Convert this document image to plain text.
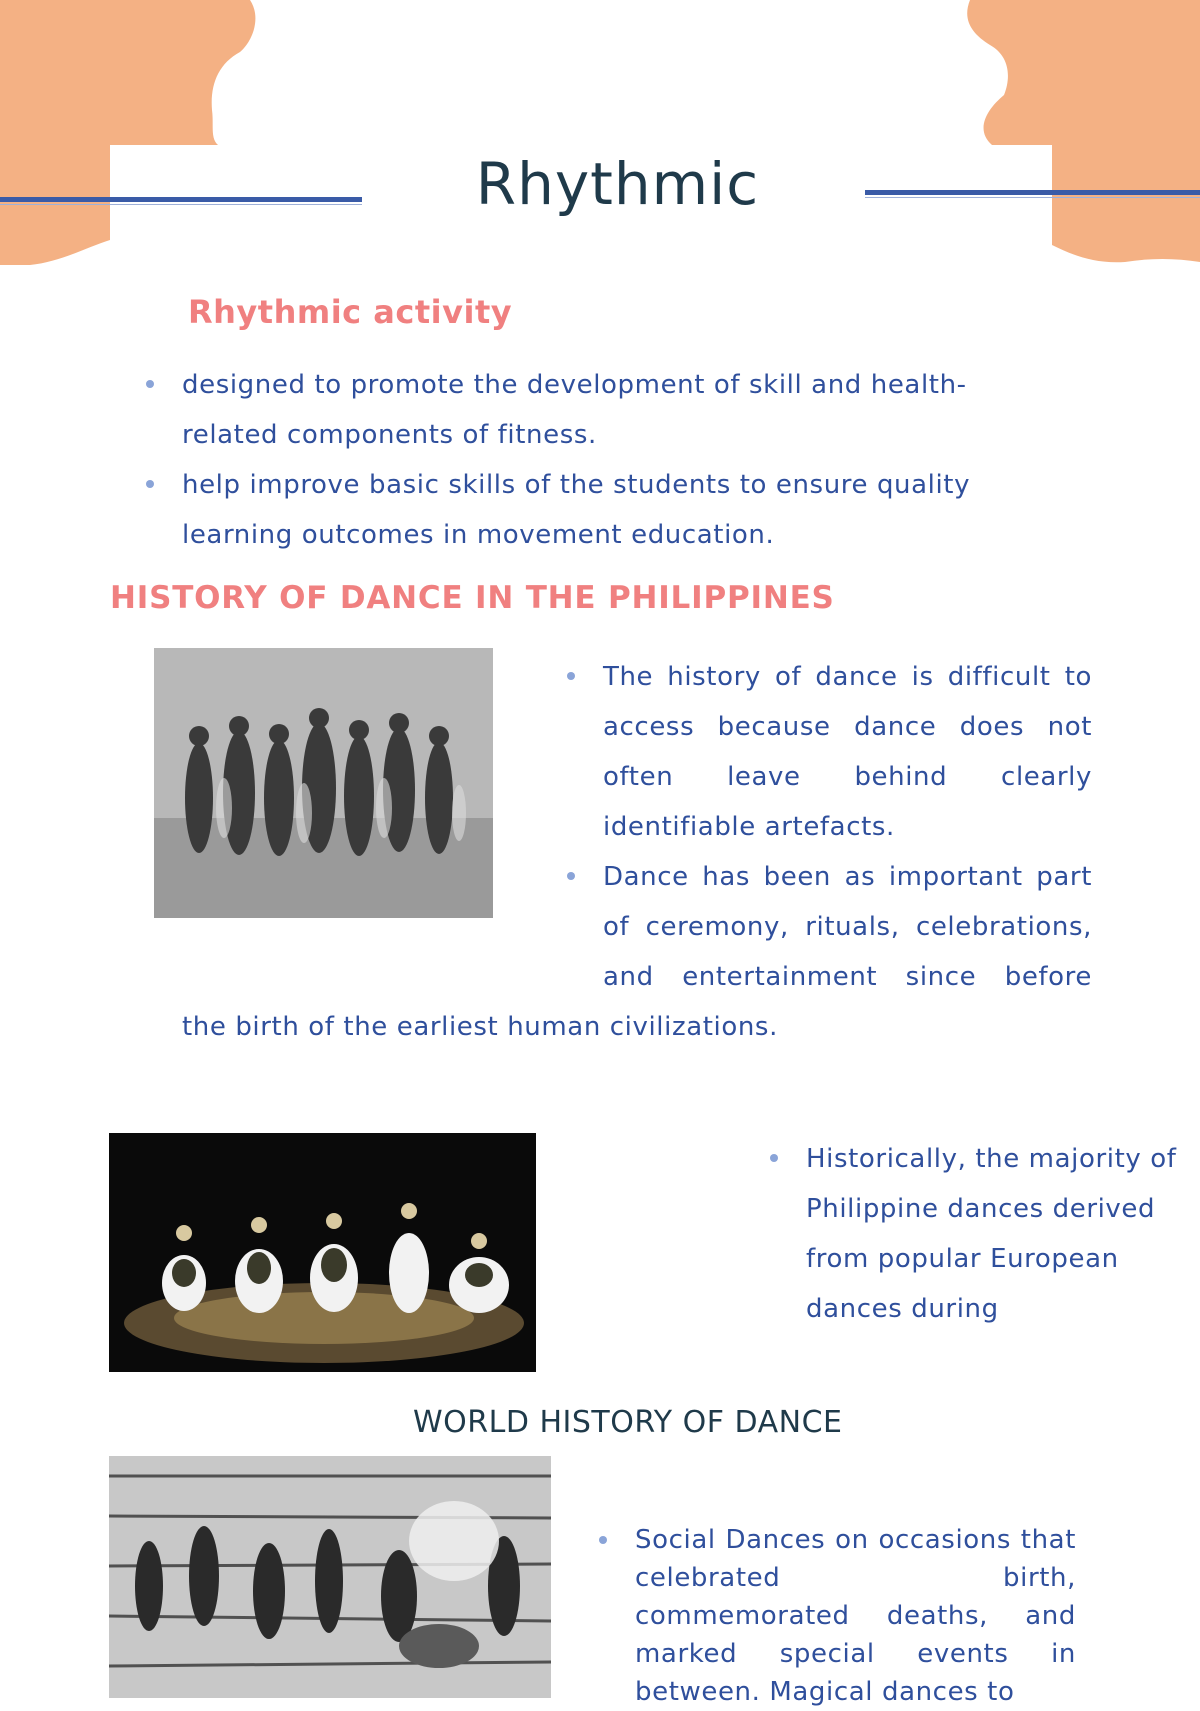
Rhythmic
Rhythmic activity
designed to promote the development of skill and health-related components of fitness.
help improve basic skills of the students to ensure quality learning outcomes in movement education.
HISTORY OF DANCE IN THE PHILIPPINES
The history of dance is difficult to access because dance does not often leave behind clearly identifiable artefacts.
Dance has been as important part of ceremony, rituals, celebrations, and entertainment since before
the birth of the earliest human civilizations.
Historically, the majority of Philippine dances derived from popular European dances during
WORLD HISTORY OF DANCE
Social Dances on occasions that celebrated birth, commemorated deaths, and marked special events in between. Magical dances to
